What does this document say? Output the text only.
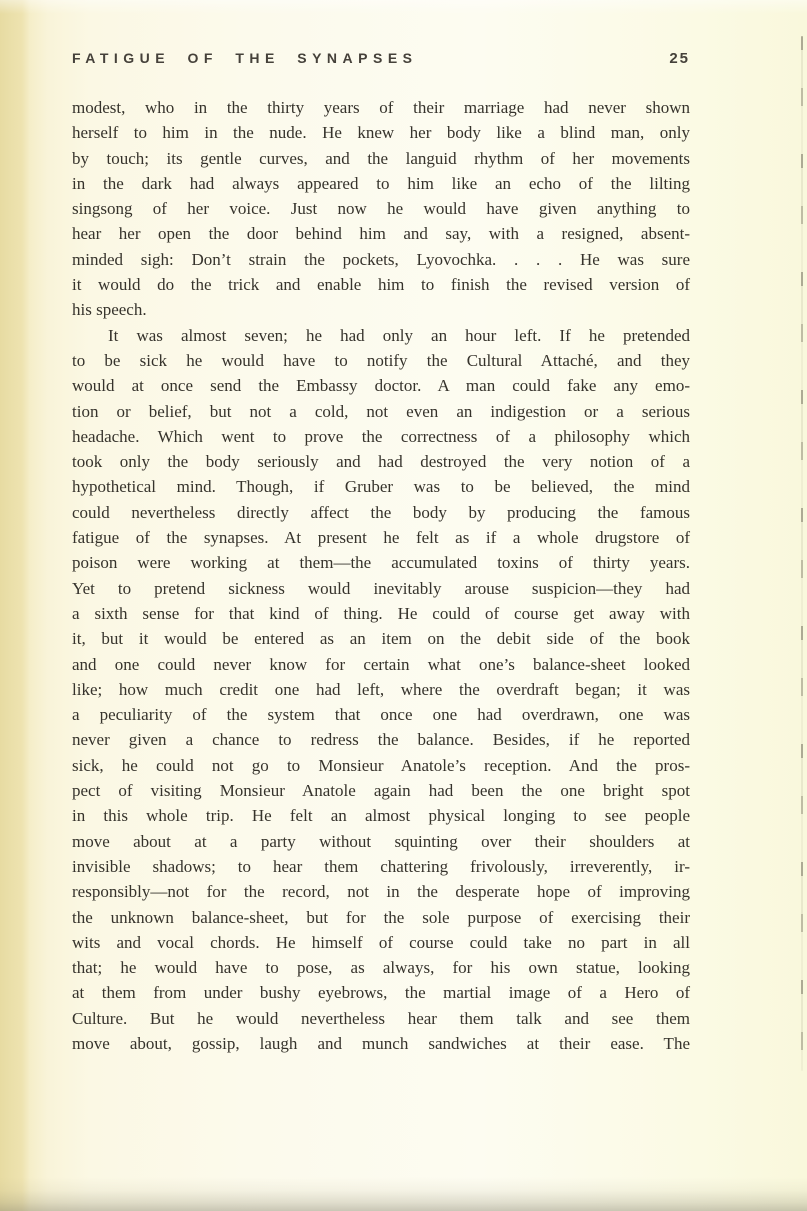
FATIGUE OF THE SYNAPSES	25
modest, who in the thirty years of their marriage had never shown
herself to him in the nude. He knew her body like a blind man, only
by touch; its gentle curves, and the languid rhythm of her movements
in the dark had always appeared to him like an echo of the lilting
singsong of her voice. Just now he would have given anything to
hear her open the door behind him and say, with a resigned, absent-
minded sigh: Don’t strain the pockets, Lyovochka. . . . He was sure
it would do the trick and enable him to finish the revised version of
his speech.
It was almost seven; he had only an hour left. If he pretended
to be sick he would have to notify the Cultural Attaché, and they
would at once send the Embassy doctor. A man could fake any emo-
tion or belief, but not a cold, not even an indigestion or a serious
headache. Which went to prove the correctness of a philosophy which
took only the body seriously and had destroyed the very notion of a
hypothetical mind. Though, if Gruber was to be believed, the mind
could nevertheless directly affect the body by producing the famous
fatigue of the synapses. At present he felt as if a whole drugstore of
poison were working at them—the accumulated toxins of thirty years.
Yet to pretend sickness would inevitably arouse suspicion—they had
a sixth sense for that kind of thing. He could of course get away with
it, but it would be entered as an item on the debit side of the book
and one could never know for certain what one’s balance-sheet looked
like; how much credit one had left, where the overdraft began; it was
a peculiarity of the system that once one had overdrawn, one was
never given a chance to redress the balance. Besides, if he reported
sick, he could not go to Monsieur Anatole’s reception. And the pros-
pect of visiting Monsieur Anatole again had been the one bright spot
in this whole trip. He felt an almost physical longing to see people
move about at a party without squinting over their shoulders at
invisible shadows; to hear them chattering frivolously, irreverently, ir-
responsibly—not for the record, not in the desperate hope of improving
the unknown balance-sheet, but for the sole purpose of exercising their
wits and vocal chords. He himself of course could take no part in all
that; he would have to pose, as always, for his own statue, looking
at them from under bushy eyebrows, the martial image of a Hero of
Culture. But he would nevertheless hear them talk and see them
move about, gossip, laugh and munch sandwiches at their ease. The
